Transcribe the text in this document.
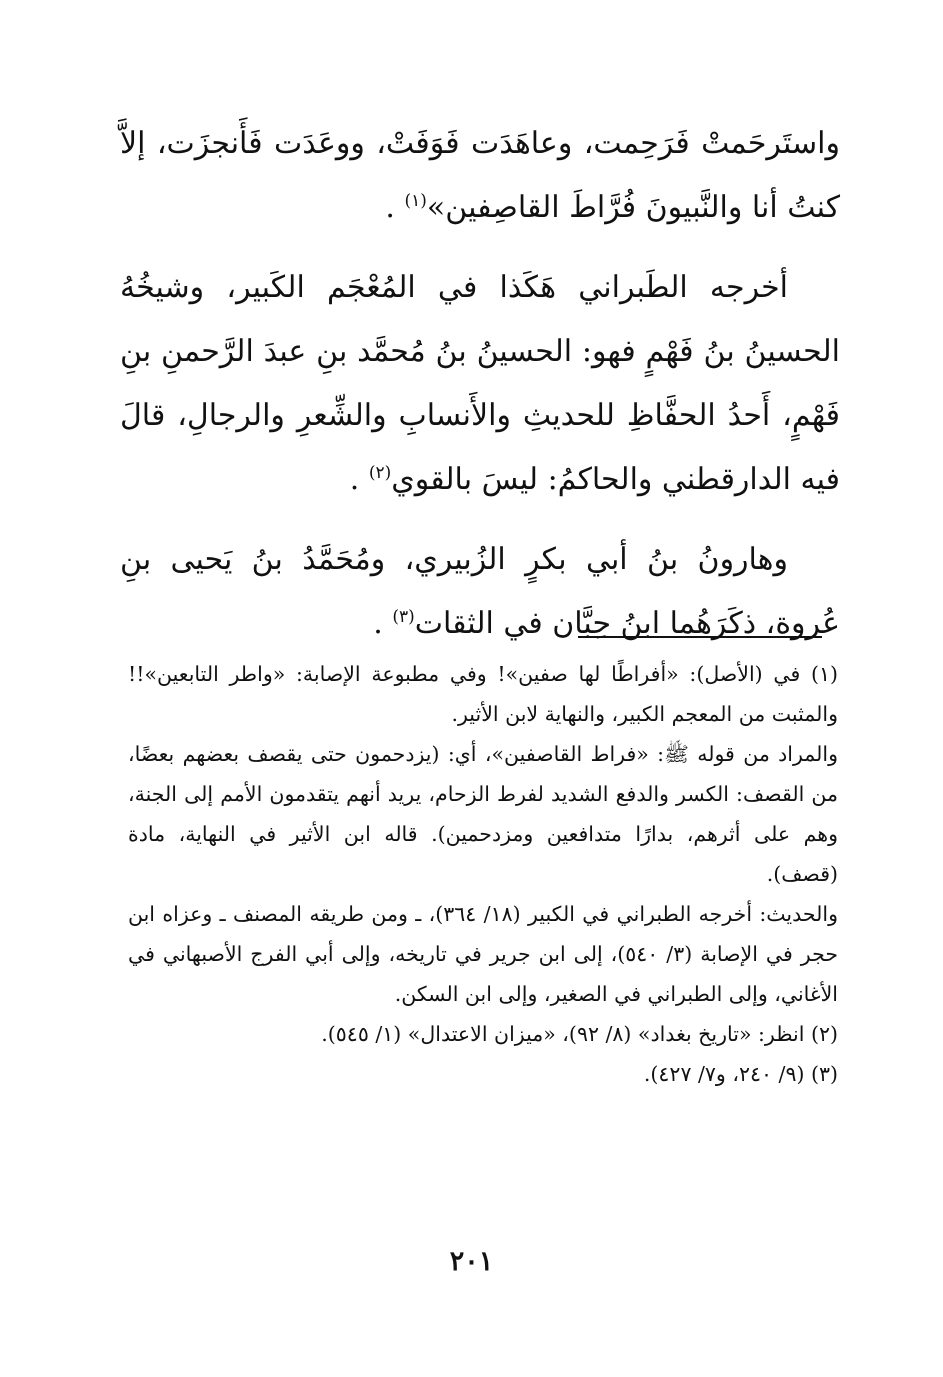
واستَرحَمتْ فَرَحِمت، وعاهَدَت فَوَفَتْ، ووعَدَت فَأَنجزَت، إلاَّ كنتُ أنا والنَّبيونَ فُرَّاطَ القاصِفين»$^{(١)}$ .

أخرجه الطَبراني هَكَذا في المُعْجَم الكَبير، وشيخُهُ الحسينُ بنُ فَهْمٍ فهو: الحسينُ بنُ مُحمَّد بنِ عبدَ الرَّحمنِ بنِ فَهْمٍ، أَحدُ الحفَّاظِ للحديثِ والأَنسابِ والشِّعرِ والرجالِ، قالَ فيه الدارقطني والحاكمُ: ليسَ بالقوي$^{(٢)}$ .

وهارونُ بنُ أبي بكرٍ الزُبيري، ومُحَمَّدُ بنُ يَحيى بنِ عُروة، ذكَرَهُما ابنُ حِبَّان في الثقات$^{(٣)}$ .

(١) في (الأصل): «أفراطًا لها صفين»! وفي مطبوعة الإصابة: «واطر التابعين»!! والمثبت من المعجم الكبير، والنهاية لابن الأثير.

والمراد من قوله ﷺ: «فراط القاصفين»، أي: (يزدحمون حتى يقصف بعضهم بعضًا، من القصف: الكسر والدفع الشديد لفرط الزحام، يريد أنهم يتقدمون الأمم إلى الجنة، وهم على أثرهم، بدارًا متدافعين ومزدحمين). قاله ابن الأثير في النهاية، مادة (قصف).

والحديث: أخرجه الطبراني في الكبير (١٨/ ٣٦٤)، ـ ومن طريقه المصنف ـ وعزاه ابن حجر في الإصابة (٣/ ٥٤٠)، إلى ابن جرير في تاريخه، وإلى أبي الفرج الأصبهاني في الأغاني، وإلى الطبراني في الصغير، وإلى ابن السكن.

(٢) انظر: «تاريخ بغداد» (٨/ ٩٢)، «ميزان الاعتدال» (١/ ٥٤٥).

(٣) (٩/ ٢٤٠، و٧/ ٤٢٧).

٢٠١
